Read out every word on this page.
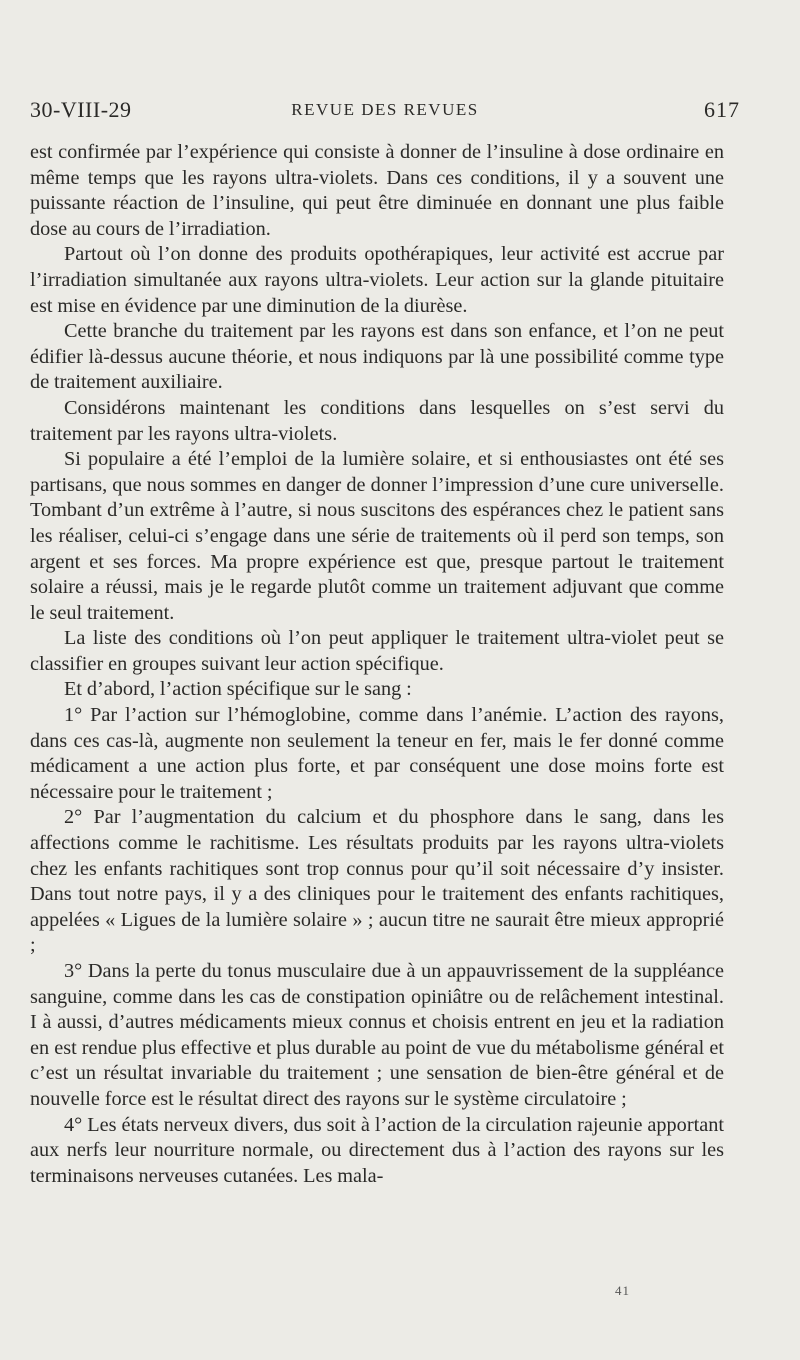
30-VIII-29	REVUE DES REVUES	617

est confirmée par l’expérience qui consiste à donner de l’insuline à dose ordinaire en même temps que les rayons ultra-violets. Dans ces conditions, il y a souvent une puissante réaction de l’insuline, qui peut être diminuée en donnant une plus faible dose au cours de l’irradiation.

Partout où l’on donne des produits opothérapiques, leur activité est accrue par l’irradiation simultanée aux rayons ultra-violets. Leur action sur la glande pituitaire est mise en évidence par une diminution de la diurèse.

Cette branche du traitement par les rayons est dans son enfance, et l’on ne peut édifier là-dessus aucune théorie, et nous indiquons par là une possibilité comme type de traitement auxiliaire.

Considérons maintenant les conditions dans lesquelles on s’est servi du traitement par les rayons ultra-violets.

Si populaire a été l’emploi de la lumière solaire, et si enthousiastes ont été ses partisans, que nous sommes en danger de donner l’impression d’une cure universelle. Tombant d’un extrême à l’autre, si nous suscitons des espérances chez le patient sans les réaliser, celui-ci s’engage dans une série de traitements où il perd son temps, son argent et ses forces. Ma propre expérience est que, presque partout le traitement solaire a réussi, mais je le regarde plutôt comme un traitement adjuvant que comme le seul traitement.

La liste des conditions où l’on peut appliquer le traitement ultra-violet peut se classifier en groupes suivant leur action spécifique.

Et d’abord, l’action spécifique sur le sang :

1° Par l’action sur l’hémoglobine, comme dans l’anémie. L’action des rayons, dans ces cas-là, augmente non seulement la teneur en fer, mais le fer donné comme médicament a une action plus forte, et par conséquent une dose moins forte est nécessaire pour le traitement ;

2° Par l’augmentation du calcium et du phosphore dans le sang, dans les affections comme le rachitisme. Les résultats produits par les rayons ultra-violets chez les enfants rachitiques sont trop connus pour qu’il soit nécessaire d’y insister. Dans tout notre pays, il y a des cliniques pour le traitement des enfants rachitiques, appelées « Ligues de la lumière solaire » ; aucun titre ne saurait être mieux approprié ;

3° Dans la perte du tonus musculaire due à un appauvrissement de la suppléance sanguine, comme dans les cas de constipation opiniâtre ou de relâchement intestinal. I à aussi, d’autres médicaments mieux connus et choisis entrent en jeu et la radiation en est rendue plus effective et plus durable au point de vue du métabolisme général et c’est un résultat invariable du traitement ; une sensation de bien-être général et de nouvelle force est le résultat direct des rayons sur le système circulatoire ;

4° Les états nerveux divers, dus soit à l’action de la circulation rajeunie apportant aux nerfs leur nourriture normale, ou directement dus à l’action des rayons sur les terminaisons nerveuses cutanées. Les mala-

41
